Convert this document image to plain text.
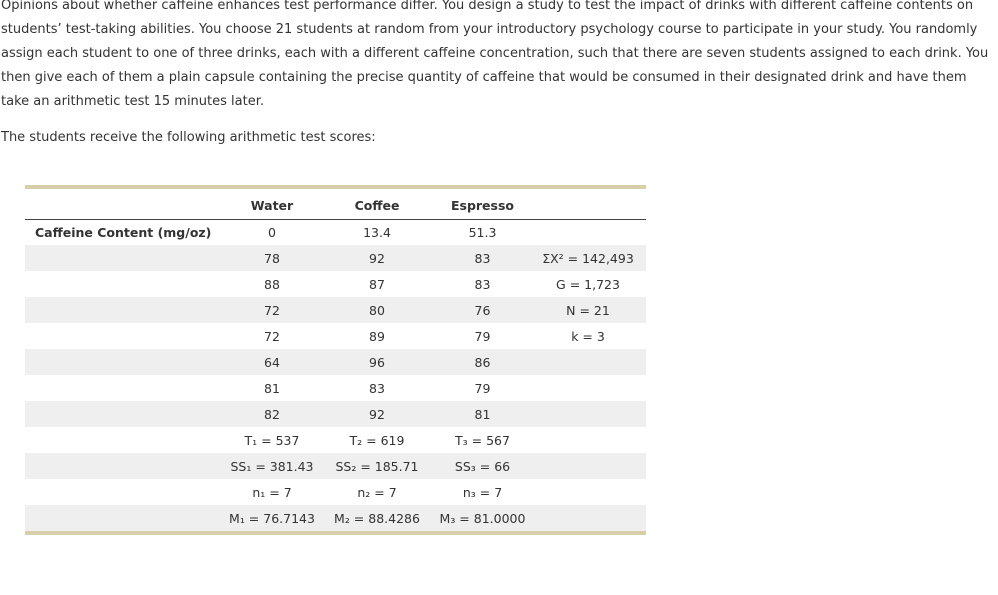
Opinions about whether caffeine enhances test performance differ. You design a study to test the impact of drinks with different caffeine contents on students’ test-taking abilities. You choose 21 students at random from your introductory psychology course to participate in your study. You randomly assign each student to one of three drinks, each with a different caffeine concentration, such that there are seven students assigned to each drink. You then give each of them a plain capsule containing the precise quantity of caffeine that would be consumed in their designated drink and have them take an arithmetic test 15 minutes later.

The students receive the following arithmetic test scores:

	Water	Coffee	Espresso	
Caffeine Content (mg/oz)	0	13.4	51.3	
	78	92	83	ΣX² = 142,493
	88	87	83	G = 1,723
	72	80	76	N = 21
	72	89	79	k = 3
	64	96	86	
	81	83	79	
	82	92	81	
	T₁ = 537	T₂ = 619	T₃ = 567	
	SS₁ = 381.43	SS₂ = 185.71	SS₃ = 66	
	n₁ = 7	n₂ = 7	n₃ = 7	
	M₁ = 76.7143	M₂ = 88.4286	M₃ = 81.0000	
